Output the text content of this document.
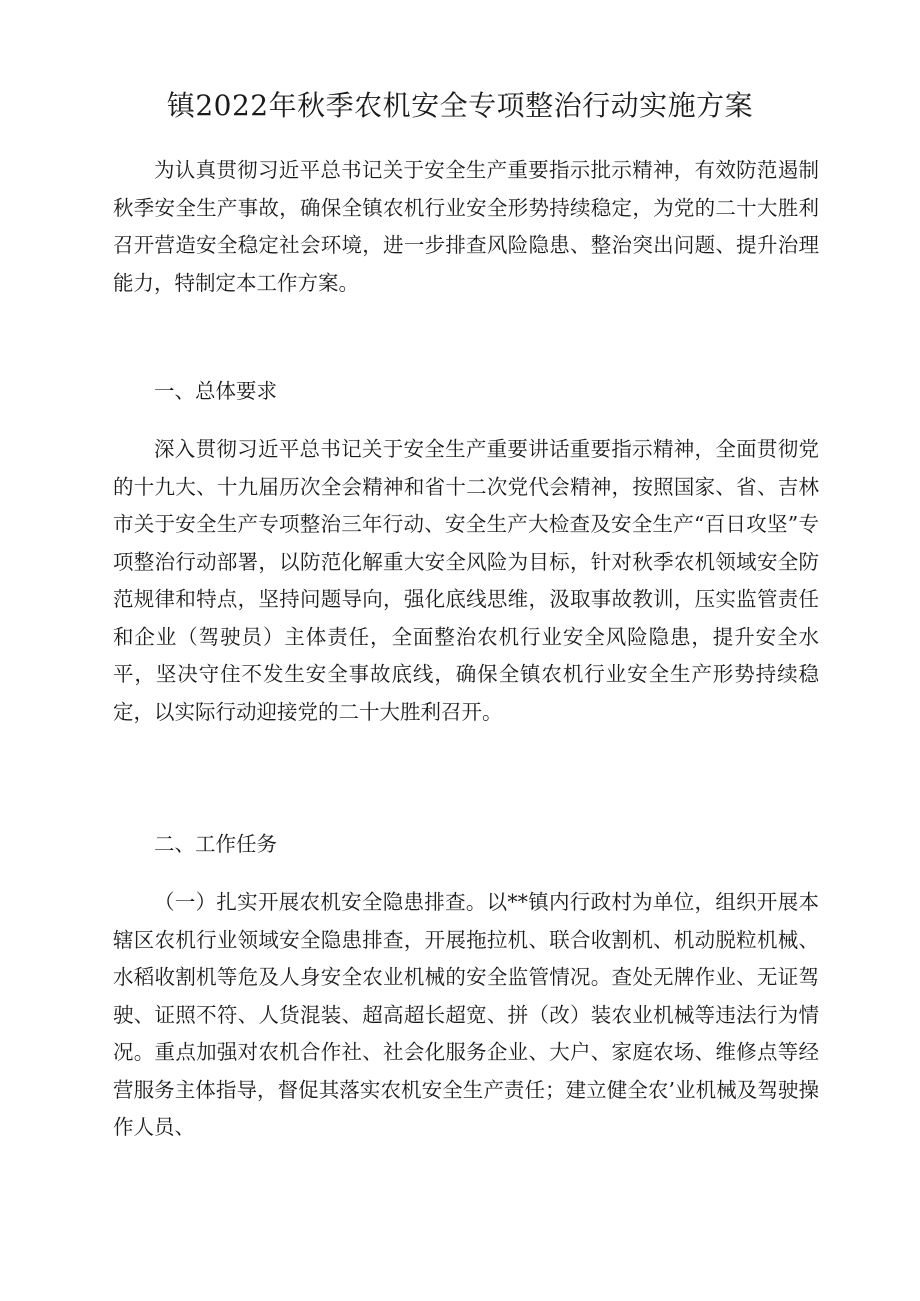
镇2022年秋季农机安全专项整治行动实施方案

为认真贯彻习近平总书记关于安全生产重要指示批示精神，有效防范遏制秋季安全生产事故，确保全镇农机行业安全形势持续稳定，为党的二十大胜利召开营造安全稳定社会环境，进一步排查风险隐患、整治突出问题、提升治理能力，特制定本工作方案。

一、总体要求

深入贯彻习近平总书记关于安全生产重要讲话重要指示精神，全面贯彻党的十九大、十九届历次全会精神和省十二次党代会精神，按照国家、省、吉林市关于安全生产专项整治三年行动、安全生产大检查及安全生产“百日攻坚”专项整治行动部署，以防范化解重大安全风险为目标，针对秋季农机领域安全防范规律和特点，坚持问题导向，强化底线思维，汲取事故教训，压实监管责任和企业（驾驶员）主体责任，全面整治农机行业安全风险隐患，提升安全水平，坚决守住不发生安全事故底线，确保全镇农机行业安全生产形势持续稳定，以实际行动迎接党的二十大胜利召开。

二、工作任务

（一）扎实开展农机安全隐患排查。以**镇内行政村为单位，组织开展本辖区农机行业领域安全隐患排查，开展拖拉机、联合收割机、机动脱粒机械、水稻收割机等危及人身安全农业机械的安全监管情况。查处无牌作业、无证驾驶、证照不符、人货混装、超高超长超宽、拼（改）装农业机械等违法行为情况。重点加强对农机合作社、社会化服务企业、大户、家庭农场、维修点等经营服务主体指导，督促其落实农机安全生产责任；建立健全农’业机械及驾驶操作人员、
